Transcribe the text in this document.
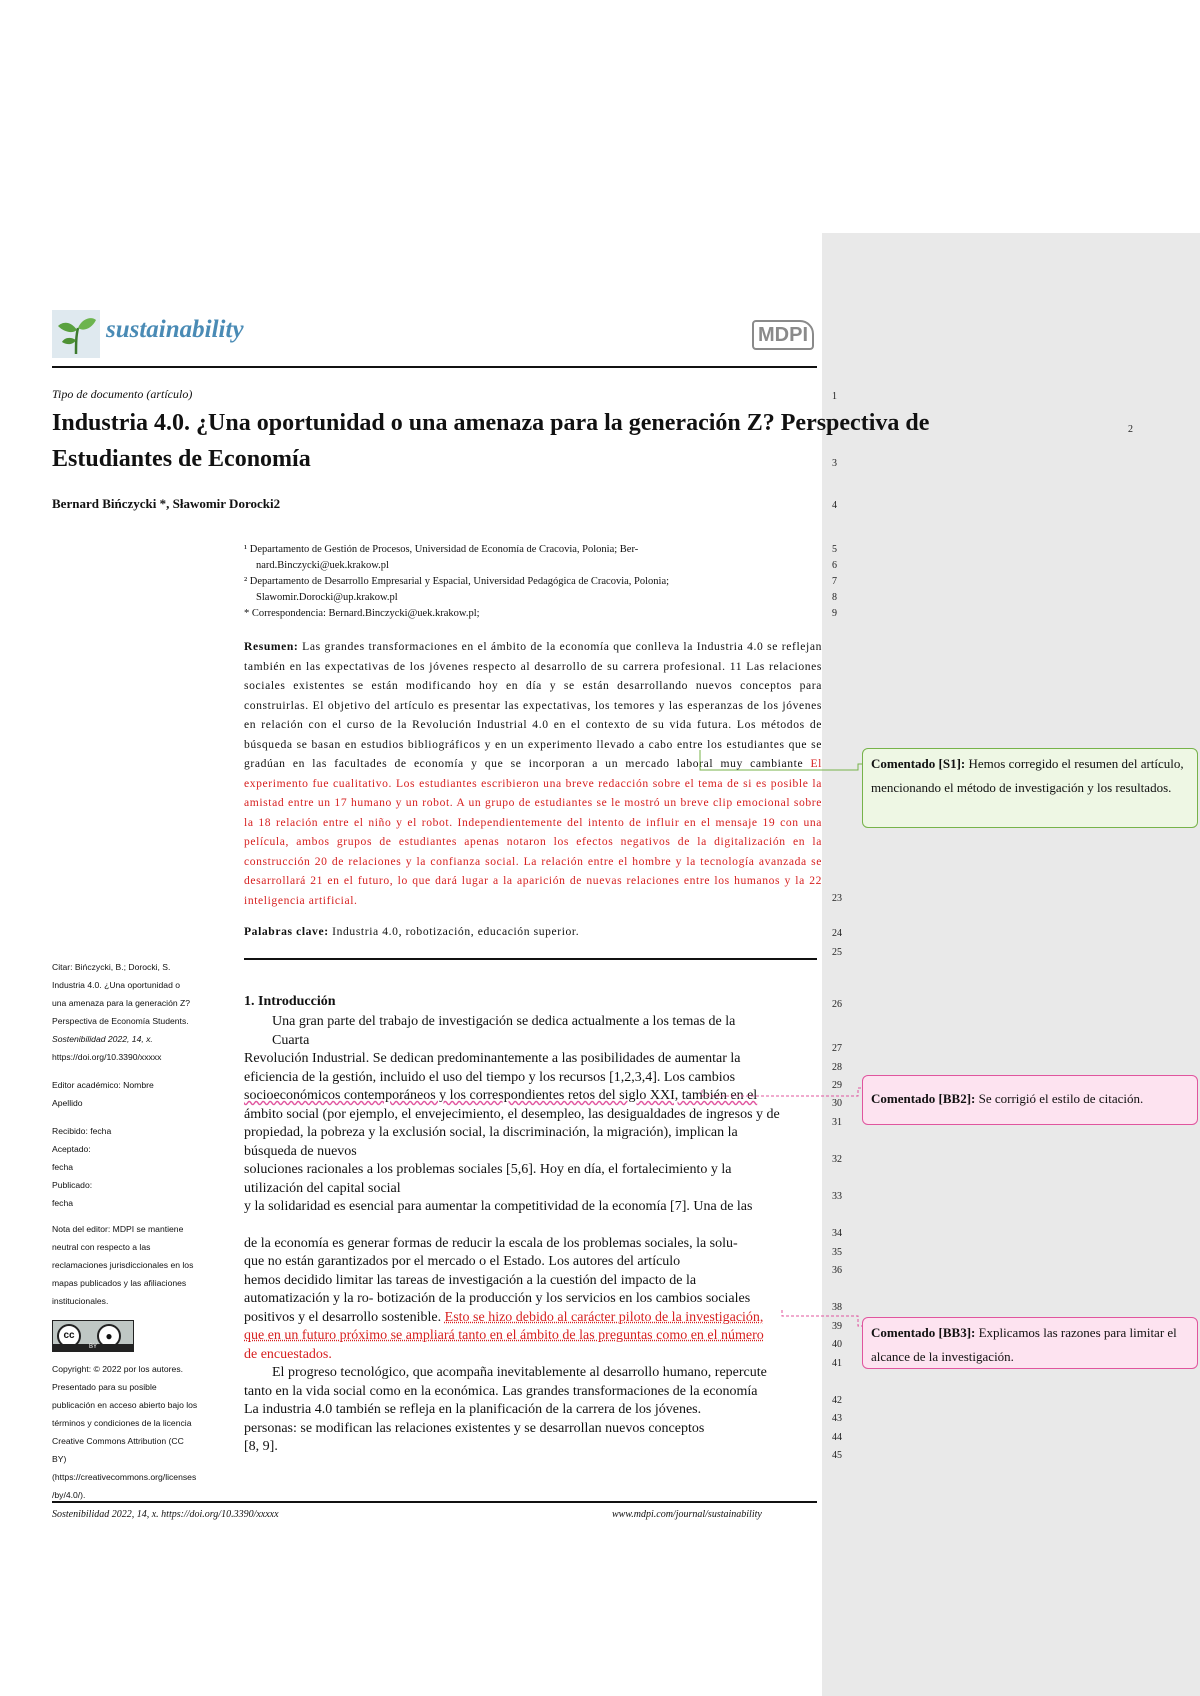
sustainability	MDPI
Tipo de documento (artículo)	1
Industria 4.0. ¿Una oportunidad o una amenaza para la generación Z? Perspectiva de	2
Estudiantes de Economía	3
Bernard Bińczycki *, Sławomir Dorocki2	4
¹ Departamento de Gestión de Procesos, Universidad de Economía de Cracovia, Polonia; Ber-
nard.Binczycki@uek.krakow.pl
² Departamento de Desarrollo Empresarial y Espacial, Universidad Pedagógica de Cracovia, Polonia;
Slawomir.Dorocki@up.krakow.pl
* Correspondencia: Bernard.Binczycki@uek.krakow.pl;
5
6
7
8
9
Resumen: Las grandes transformaciones en el ámbito de la economía que conlleva la Industria 4.0 se reflejan también en las expectativas de los jóvenes respecto al desarrollo de su carrera profesional. 11 Las relaciones sociales existentes se están modificando hoy en día y se están desarrollando nuevos conceptos para construirlas. El objetivo del artículo es presentar las expectativas, los temores y las esperanzas de los jóvenes en relación con el curso de la Revolución Industrial 4.0 en el contexto de su vida futura. Los métodos de búsqueda se basan en estudios bibliográficos y en un experimento llevado a cabo entre los estudiantes que se gradúan en las facultades de economía y que se incorporan a un mercado laboral muy cambiante El experimento fue cualitativo. Los estudiantes escribieron una breve redacción sobre el tema de si es posible la amistad entre un 17 humano y un robot. A un grupo de estudiantes se le mostró un breve clip emocional sobre la 18 relación entre el niño y el robot. Independientemente del intento de influir en el mensaje 19 con una película, ambos grupos de estudiantes apenas notaron los efectos negativos de la digitalización en la construcción 20 de relaciones y la confianza social. La relación entre el hombre y la tecnología avanzada se desarrollará 21 en el futuro, lo que dará lugar a la aparición de nuevas relaciones entre los humanos y la 22 inteligencia artificial.	23
Palabras clave: Industria 4.0, robotización, educación superior.	24
25
Citar: Bińczycki, B.; Dorocki, S.
Industria 4.0. ¿Una oportunidad o
una amenaza para la generación Z?
Perspectiva de Economía Students.
Sostenibilidad 2022, 14, x.
https://doi.org/10.3390/xxxxx
Editor académico: Nombre
Apellido
Recibido: fecha
Aceptado:
fecha
Publicado:
fecha
Nota del editor: MDPI se mantiene
neutral con respecto a las
reclamaciones jurisdiccionales en los
mapas publicados y las afiliaciones
institucionales.
cc	●
BY
Copyright: © 2022 por los autores.
Presentado para su posible
publicación en acceso abierto bajo los
términos y condiciones de la licencia
Creative Commons Attribution (CC
BY)
(https://creativecommons.org/licenses
/by/4.0/).
1. Introducción	26
Una gran parte del trabajo de investigación se dedica actualmente a los temas de la
Cuarta
Revolución Industrial. Se dedican predominantemente a las posibilidades de aumentar la
eficiencia de la gestión, incluido el uso del tiempo y los recursos [1,2,3,4]. Los cambios
socioeconómicos contemporáneos y los correspondientes retos del siglo XXI, también en el
ámbito social (por ejemplo, el envejecimiento, el desempleo, las desigualdades de ingresos y de
propiedad, la pobreza y la exclusión social, la discriminación, la migración), implican la
búsqueda de nuevos
soluciones racionales a los problemas sociales [5,6]. Hoy en día, el fortalecimiento y la
utilización del capital social
y la solidaridad es esencial para aumentar la competitividad de la economía [7]. Una de las
de la economía es generar formas de reducir la escala de los problemas sociales, la solu-
que no están garantizados por el mercado o el Estado. Los autores del artículo
hemos decidido limitar las tareas de investigación a la cuestión del impacto de la
automatización y la ro- botización de la producción y los servicios en los cambios sociales
positivos y el desarrollo sostenible. Esto se hizo debido al carácter piloto de la investigación,
que en un futuro próximo se ampliará tanto en el ámbito de las preguntas como en el número
de encuestados.
El progreso tecnológico, que acompaña inevitablemente al desarrollo humano, repercute
tanto en la vida social como en la económica. Las grandes transformaciones de la economía
La industria 4.0 también se refleja en la planificación de la carrera de los jóvenes.
personas: se modifican las relaciones existentes y se desarrollan nuevos conceptos
[8, 9].
27
28
29
30
31
32
33
34
35
36
38
39
40
41
42
43
44
45
Comentado [S1]: Hemos corregido el resumen del artículo, mencionando el método de investigación y los resultados.
Comentado [BB2]: Se corrigió el estilo de citación.
Comentado [BB3]: Explicamos las razones para limitar el alcance de la investigación.
Sostenibilidad 2022, 14, x. https://doi.org/10.3390/xxxxx	www.mdpi.com/journal/sustainability
